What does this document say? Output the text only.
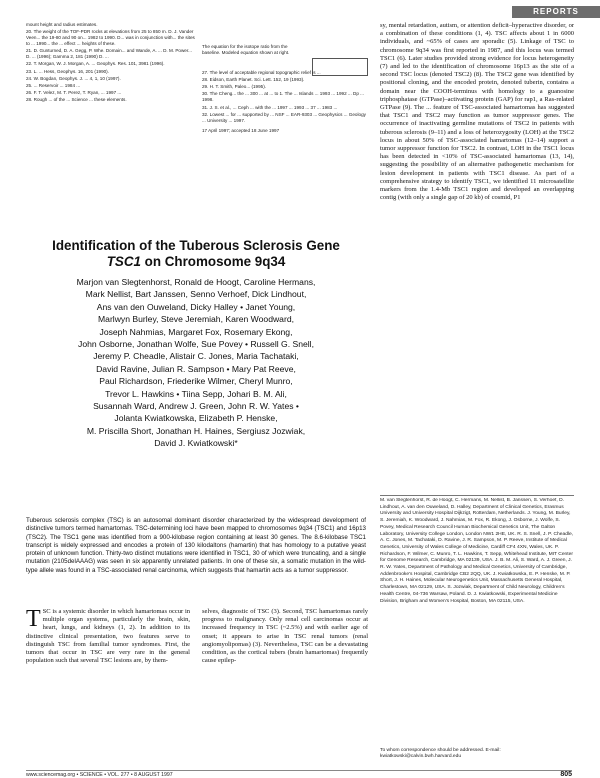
REPORTS

mount height and radius estimates.

20. The weight of the TOF-PDR rocks at elevations from 25 to 850 m. D. J. Vander Veen... the 19-80 and 90 on... 1982 to 1990. D... was in conjunction with... the sites to ... 1990... the ... effect ... heights of these.

21. D. Gunturned, D. A. Gegg, P. Whe. Domain... and Wande, A. ... D. M. Power... D. ... (1996); Gamma 2, 181 (1990) D. ...

22. T. Morgan, W. J. Morgan, A. ... Geophys. Res. 101, 3981 (1996).

23. L. ... Hess, Geophys. 16, 201 (1990).

24. W. Bogdan, Geophys. J. ... 4, 1, 10 (1997).

25. ... Reservoir ... 1984 ...

26. F. T. Velez, M. T. Perez, T. Ryan, ... 1997 ...

28. Rough ... of the ... Science ... these elements.

The equation for the isotope ratio from the baseline. Modeled equation shown at right.

27. The level of acceptable regional topographic relief is ...

28. Eidson, Earth Planet. Sci. Lett. 152, 19 (1993).

29. H. T. Smith, Paleo... (1995).

30. The Cheng... the ... 300 ... at ... to 1. The ... Islands ... 1993 ... 1992 ... Dp ... 1998.

31. J. S. et al., ... Ceph ... with the ... 1997 ... 1993 ... 37 ... 1983 ...

32. Lowest ... for ... supported by ... NSF ... EAR-9303 ... Geophysics ... Geology ... University ... 1997.

17 April 1997; accepted 18 June 1997

sy, mental retardation, autism, or attention deficit–hyperactive disorder, or a combination of these conditions (1, 4). TSC affects about 1 in 6000 individuals, and ~65% of cases are sporadic (5). Linkage of TSC to chromosome 9q34 was first reported in 1987, and this locus was termed TSC1 (6). Later studies provided strong evidence for locus heterogeneity (7) and led to the identification of chromosome 16p13 as the site of a second TSC locus (denoted TSC2) (8). The TSC2 gene was identified by positional cloning, and the encoded protein, denoted tuberin, contains a domain near the COOH-terminus with homology to a guanosine triphosphatase (GTPase)–activating protein (GAP) for rap1, a Ras-related GTPase (9). The ... feature of TSC-associated hamartomas has suggested that TSC1 and TSC2 may function as tumor suppressor genes. The occurrence of inactivating germline mutations of TSC2 in patients with tuberous sclerosis (9–11) and a loss of heterozygosity (LOH) at the TSC2 locus in about 50% of TSC-associated hamartomas (12–14) support a tumor suppressor function for TSC2. In contrast, LOH in the TSC1 locus has been detected in <10% of TSC-associated hamartomas (13, 14), suggesting the possibility of an alternative pathogenetic mechanism for lesion development in patients with TSC1 disease. As part of a comprehensive strategy to identify TSC1, we identified 11 microsatellite markers from the 1.4-Mb TSC1 region and developed an overlapping contig (with only a single gap of 20 kb) of cosmid, P1
M. van Slegtenhorst, R. de Hoogt, C. Hermans, M. Nellist, B. Janssen, S. Verhoef, D. Lindhout, A. van den Ouweland, D. Halley, Department of Clinical Genetics, Erasmus University and University Hospital Dijkzigt, Rotterdam, Netherlands. J. Young, M. Burley, S. Jeremiah, K. Woodward, J. Nahmias, M. Fox, R. Ekong, J. Osborne, J. Wolfe, S. Povey, Medical Research Council Human Biochemical Genetics Unit, The Galton Laboratory, University College London, London NW1 2HE, UK. R. S. Snell, J. P. Cheadle, A. C. Jones, M. Tachataki, D. Ravine, J. R. Sampson, M. P. Reeve, Institute of Medical Genetics, University of Wales College of Medicine, Cardiff CF4 4XN, Wales, UK. P. Richardson, F. Wilmer, C. Munro, T. L. Hawkins, T. Sepp, Whitehead Institute, MIT Center for Genome Research, Cambridge, MA 02139, USA. J. B. M. Ali, S. Ward, A. J. Green, J. R. W. Yates, Department of Pathology and Medical Genetics, University of Cambridge, Addenbrooke's Hospital, Cambridge CB2 2QQ, UK. J. Kwiatkowska, E. P. Henske, M. P. Short, J. H. Haines, Molecular Neurogenetics Unit, Massachusetts General Hospital, Charlestown, MA 02129, USA. S. Jozwiak, Department of Child Neurology, Children's Health Centre, 04-736 Warsaw, Poland. D. J. Kwiatkowski, Experimental Medicine Division, Brigham and Women's Hospital, Boston, MA 02115, USA.
To whom correspondence should be addressed. E-mail: kwiatkowski@calvin.bwh.harvard.edu
Identification of the Tuberous Sclerosis Gene
TSC1 on Chromosome 9q34
Marjon van Slegtenhorst, Ronald de Hoogt, Caroline Hermans,
Mark Nellist, Bart Janssen, Senno Verhoef, Dick Lindhout,
Ans van den Ouweland, Dicky Halley • Janet Young,
Marlwyn Burley, Steve Jeremiah, Karen Woodward,
Joseph Nahmias, Margaret Fox, Rosemary Ekong,
John Osborne, Jonathan Wolfe, Sue Povey • Russell G. Snell,
Jeremy P. Cheadle, Alistair C. Jones, Maria Tachataki,
David Ravine, Julian R. Sampson • Mary Pat Reeve,
Paul Richardson, Friederike Wilmer, Cheryl Munro,
Trevor L. Hawkins • Tiina Sepp, Johari B. M. Ali,
Susannah Ward, Andrew J. Green, John R. W. Yates •
Jolanta Kwiatkowska, Elizabeth P. Henske,
M. Priscilla Short, Jonathan H. Haines, Sergiusz Jozwiak,
David J. Kwiatkowski*
Tuberous sclerosis complex (TSC) is an autosomal dominant disorder characterized by the widespread development of distinctive tumors termed hamartomas. TSC-determining loci have been mapped to chromosomes 9q34 (TSC1) and 16p13 (TSC2). The TSC1 gene was identified from a 900-kilobase region containing at least 30 genes. The 8.6-kilobase TSC1 transcript is widely expressed and encodes a protein of 130 kilodaltons (hamartin) that has homology to a putative yeast protein of unknown function. Thirty-two distinct mutations were identified in TSC1, 30 of which were truncating, and a single mutation (2105delAAAG) was seen in six apparently unrelated patients. In one of these six, a somatic mutation in the wild-type allele was found in a TSC-associated renal carcinoma, which suggests that hamartin acts as a tumor suppressor.
TSC is a systemic disorder in which hamartomas occur in multiple organ systems, particularly the brain, skin, heart, lungs, and kidneys (1, 2). In addition to its distinctive clinical presentation, two features serve to distinguish TSC from familial tumor syndromes. First, the tumors that occur in TSC are very rare in the general population such that several TSC lesions are, by them-
selves, diagnostic of TSC (3). Second, TSC hamartomas rarely progress to malignancy. Only renal cell carcinomas occur at increased frequency in TSC (~2.5%) and with earlier age of onset; it appears to arise in TSC renal tumors (renal angiomyolipomas) (3). Nevertheless, TSC can be a devastating condition, as the cortical tubers (brain hamartomas) frequently cause epilep-
www.sciencemag.org • SCIENCE • VOL. 277 • 8 AUGUST 1997	805
